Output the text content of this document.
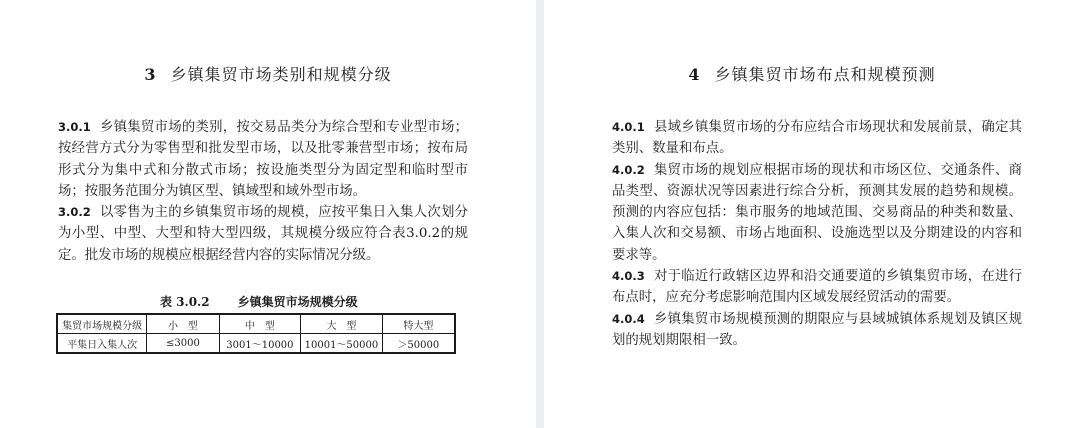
3 乡镇集贸市场类别和规模分级	4 乡镇集贸市场布点和规模预测

3.0.1 乡镇集贸市场的类别，按交易品类分为综合型和专业型市场；按经营方式分为零售型和批发型市场，以及批零兼营型市场；按布局形式分为集中式和分散式市场；按设施类型分为固定型和临时型市场；按服务范围分为镇区型、镇域型和域外型市场。

3.0.2 以零售为主的乡镇集贸市场的规模，应按平集日入集人次划分为小型、中型、大型和特大型四级，其规模分级应符合表3.0.2的规定。批发市场的规模应根据经营内容的实际情况分级。

表 3.0.2 乡镇集贸市场规模分级
集贸市场规模分级	小　型	中　型	大　型	特大型
平集日入集人次	≤3000	3001～10000	10001～50000	＞50000

4.0.1 县域乡镇集贸市场的分布应结合市场现状和发展前景，确定其类别、数量和布点。

4.0.2 集贸市场的规划应根据市场的现状和市场区位、交通条件、商品类型、资源状况等因素进行综合分析，预测其发展的趋势和规模。预测的内容应包括：集市服务的地域范围、交易商品的种类和数量、入集人次和交易额、市场占地面积、设施选型以及分期建设的内容和要求等。

4.0.3 对于临近行政辖区边界和沿交通要道的乡镇集贸市场，在进行布点时，应充分考虑影响范围内区域发展经贸活动的需要。

4.0.4 乡镇集贸市场规模预测的期限应与县域城镇体系规划及镇区规划的规划期限相一致。
